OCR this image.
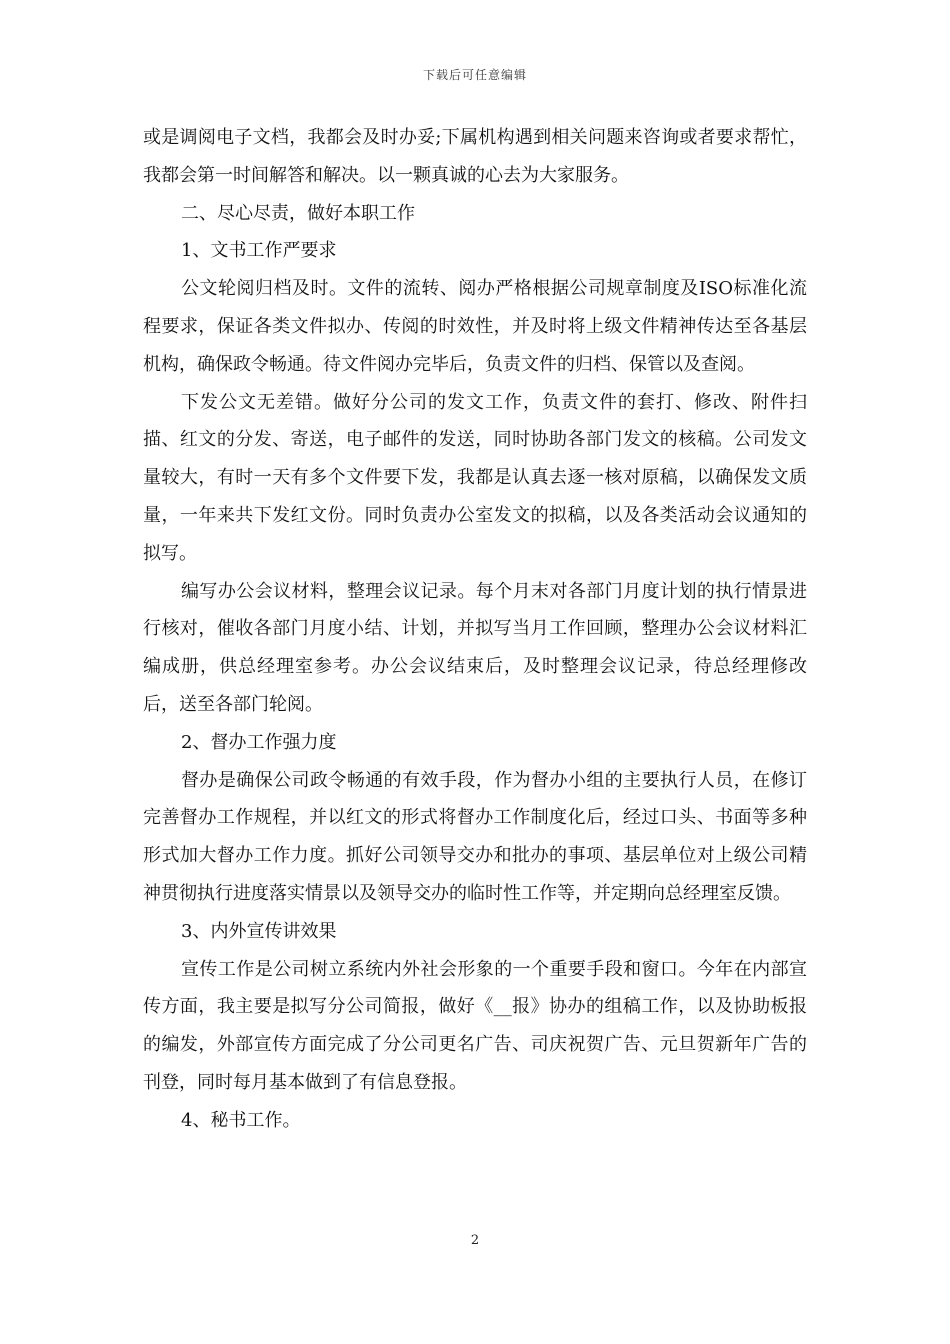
下载后可任意编辑

或是调阅电子文档，我都会及时办妥;下属机构遇到相关问题来咨询或者要求帮忙，我都会第一时间解答和解决。以一颗真诚的心去为大家服务。

二、尽心尽责，做好本职工作

1、文书工作严要求

公文轮阅归档及时。文件的流转、阅办严格根据公司规章制度及ISO标准化流程要求，保证各类文件拟办、传阅的时效性，并及时将上级文件精神传达至各基层机构，确保政令畅通。待文件阅办完毕后，负责文件的归档、保管以及查阅。

下发公文无差错。做好分公司的发文工作，负责文件的套打、修改、附件扫描、红文的分发、寄送，电子邮件的发送，同时协助各部门发文的核稿。公司发文量较大，有时一天有多个文件要下发，我都是认真去逐一核对原稿，以确保发文质量，一年来共下发红文份。同时负责办公室发文的拟稿，以及各类活动会议通知的拟写。

编写办公会议材料，整理会议记录。每个月末对各部门月度计划的执行情景进行核对，催收各部门月度小结、计划，并拟写当月工作回顾，整理办公会议材料汇编成册，供总经理室参考。办公会议结束后，及时整理会议记录，待总经理修改后，送至各部门轮阅。

2、督办工作强力度

督办是确保公司政令畅通的有效手段，作为督办小组的主要执行人员，在修订完善督办工作规程，并以红文的形式将督办工作制度化后，经过口头、书面等多种形式加大督办工作力度。抓好公司领导交办和批办的事项、基层单位对上级公司精神贯彻执行进度落实情景以及领导交办的临时性工作等，并定期向总经理室反馈。

3、内外宣传讲效果

宣传工作是公司树立系统内外社会形象的一个重要手段和窗口。今年在内部宣传方面，我主要是拟写分公司简报，做好《__报》协办的组稿工作，以及协助板报的编发，外部宣传方面完成了分公司更名广告、司庆祝贺广告、元旦贺新年广告的刊登，同时每月基本做到了有信息登报。

4、秘书工作。

2
